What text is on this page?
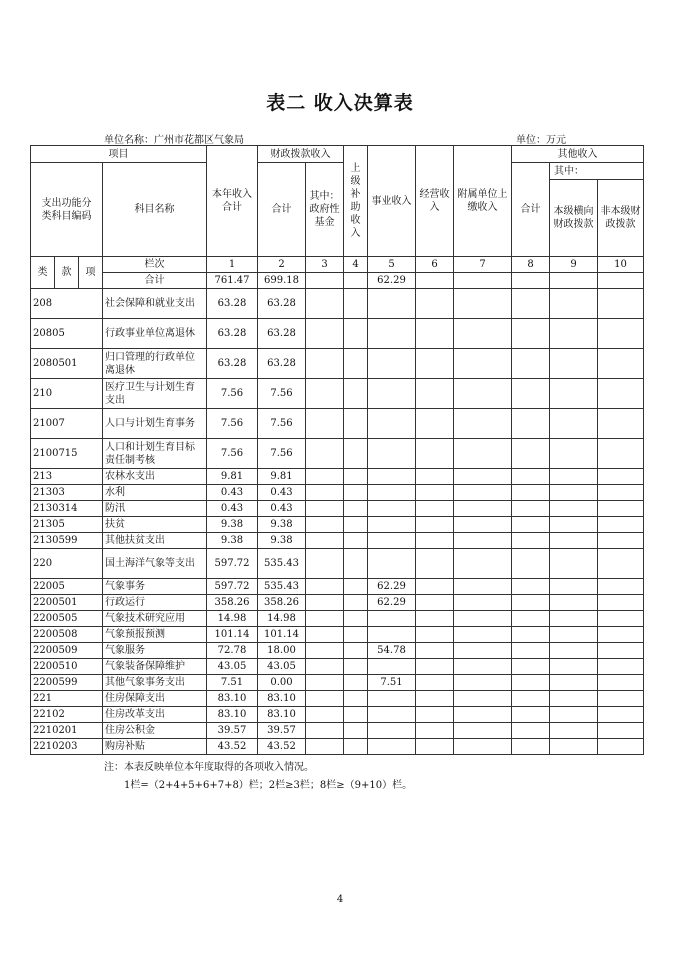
表二 收入决算表
单位名称：广州市花都区气象局	单位：万元
项目				本年收入合计	财政拨款收入		上级补助收入	事业收入	经营收入	附属单位上缴收入	其他收入		
支出功能分类科目编码			科目名称		合计	其中：政府性基金					合计	其中：	
												本级横向财政拨款	非本级财政拨款
类	款	项	栏次	1	2	3	4	5	6	7	8	9	10
			合计	761.47	699.18			62.29					
208			社会保障和就业支出	63.28	63.28								
20805			行政事业单位离退休	63.28	63.28								
2080501			归口管理的行政单位离退休	63.28	63.28								
210			医疗卫生与计划生育支出	7.56	7.56								
21007			人口与计划生育事务	7.56	7.56								
2100715			人口和计划生育目标责任制考核	7.56	7.56								
213			农林水支出	9.81	9.81								
21303			水利	0.43	0.43								
2130314			防汛	0.43	0.43								
21305			扶贫	9.38	9.38								
2130599			其他扶贫支出	9.38	9.38								
220			国土海洋气象等支出	597.72	535.43								
22005			气象事务	597.72	535.43			62.29					
2200501			行政运行	358.26	358.26			62.29					
2200505			气象技术研究应用	14.98	14.98								
2200508			气象预报预测	101.14	101.14								
2200509			气象服务	72.78	18.00			54.78					
2200510			气象装备保障维护	43.05	43.05								
2200599			其他气象事务支出	7.51	0.00			7.51					
221			住房保障支出	83.10	83.10								
22102			住房改革支出	83.10	83.10								
2210201			住房公积金	39.57	39.57								
2210203			购房补贴	43.52	43.52								
注：本表反映单位本年度取得的各项收入情况。
1栏=（2+4+5+6+7+8）栏；2栏≥3栏；8栏≥（9+10）栏。
4
